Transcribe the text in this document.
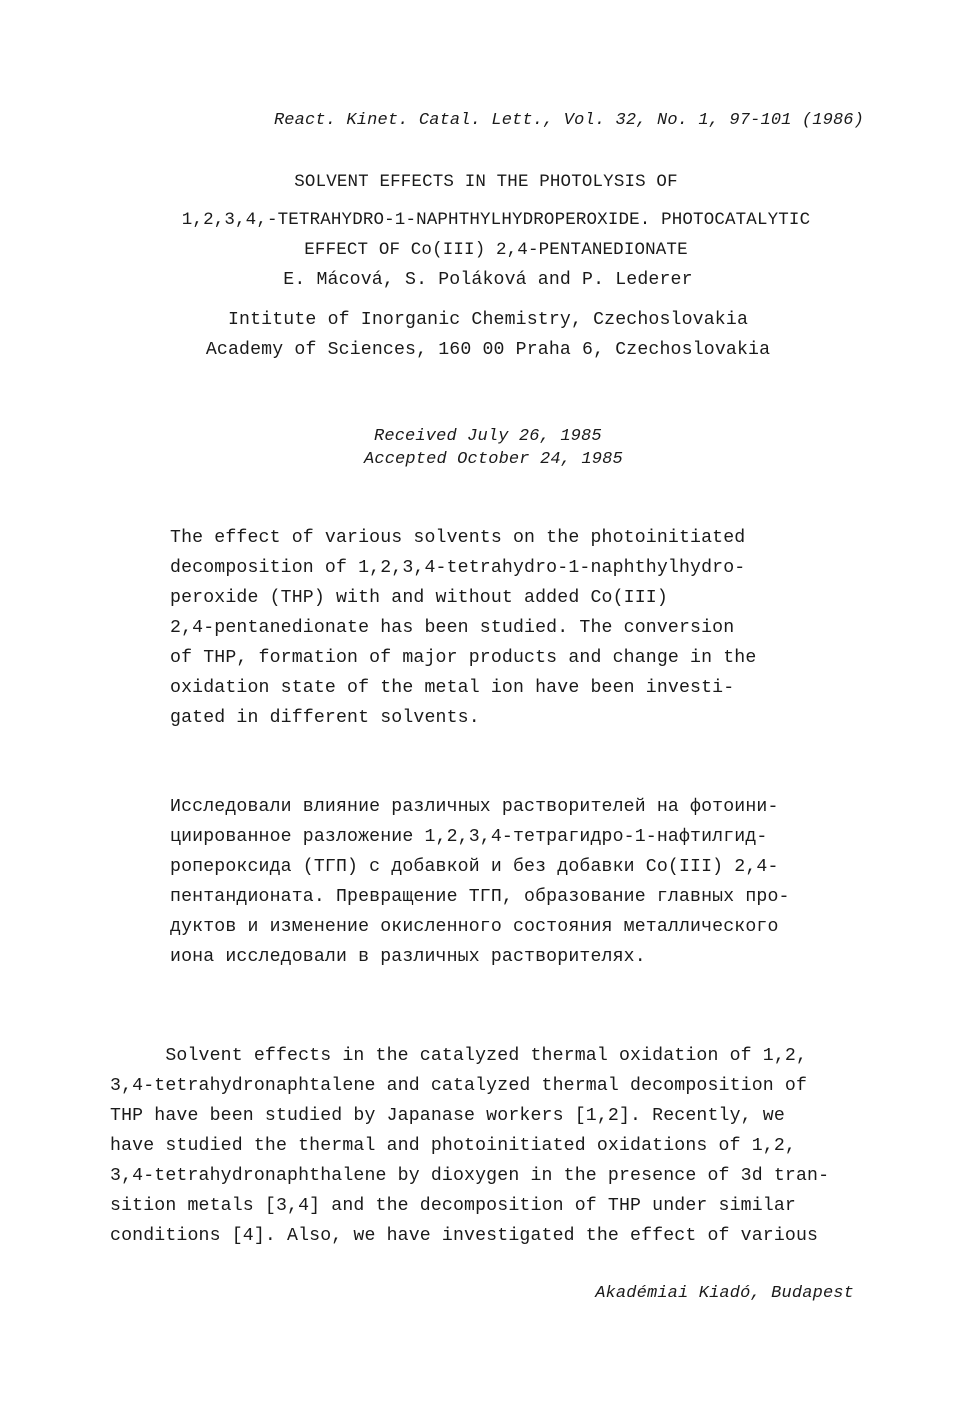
React. Kinet. Catal. Lett., Vol. 32, No. 1, 97-101 (1986)
SOLVENT EFFECTS IN THE PHOTOLYSIS OF
1,2,3,4,-TETRAHYDRO-1-NAPHTHYLHYDROPEROXIDE. PHOTOCATALYTIC
EFFECT OF Co(III) 2,4-PENTANEDIONATE
E. Mácová, S. Poláková and P. Lederer
Intitute of Inorganic Chemistry, Czechoslovakia
Academy of Sciences, 160 00 Praha 6, Czechoslovakia
Received July 26, 1985
Accepted October 24, 1985
The effect of various solvents on the photoinitiated
decomposition of 1,2,3,4-tetrahydro-1-naphthylhydro-
peroxide (THP) with and without added Co(III)
2,4-pentanedionate has been studied. The conversion
of THP, formation of major products and change in the
oxidation state of the metal ion have been investi-
gated in different solvents.
Исследовали влияние различных растворителей на фотоини-
циированное разложение 1,2,3,4-тетрагидро-1-нафтилгид-
ропероксида (ТГП) с добавкой и без добавки Co(III) 2,4-
пентандионата. Превращение ТГП, образование главных про-
дуктов и изменение окисленного состояния металлического
иона исследовали в различных растворителях.
Solvent effects in the catalyzed thermal oxidation of 1,2,
3,4-tetrahydronaphtalene and catalyzed thermal decomposition of
THP have been studied by Japanase workers [1,2]. Recently, we
have studied the thermal and photoinitiated oxidations of 1,2,
3,4-tetrahydronaphthalene by dioxygen in the presence of 3d tran-
sition metals [3,4] and the decomposition of THP under similar
conditions [4]. Also, we have investigated the effect of various
Akadémiai Kiadó, Budapest
